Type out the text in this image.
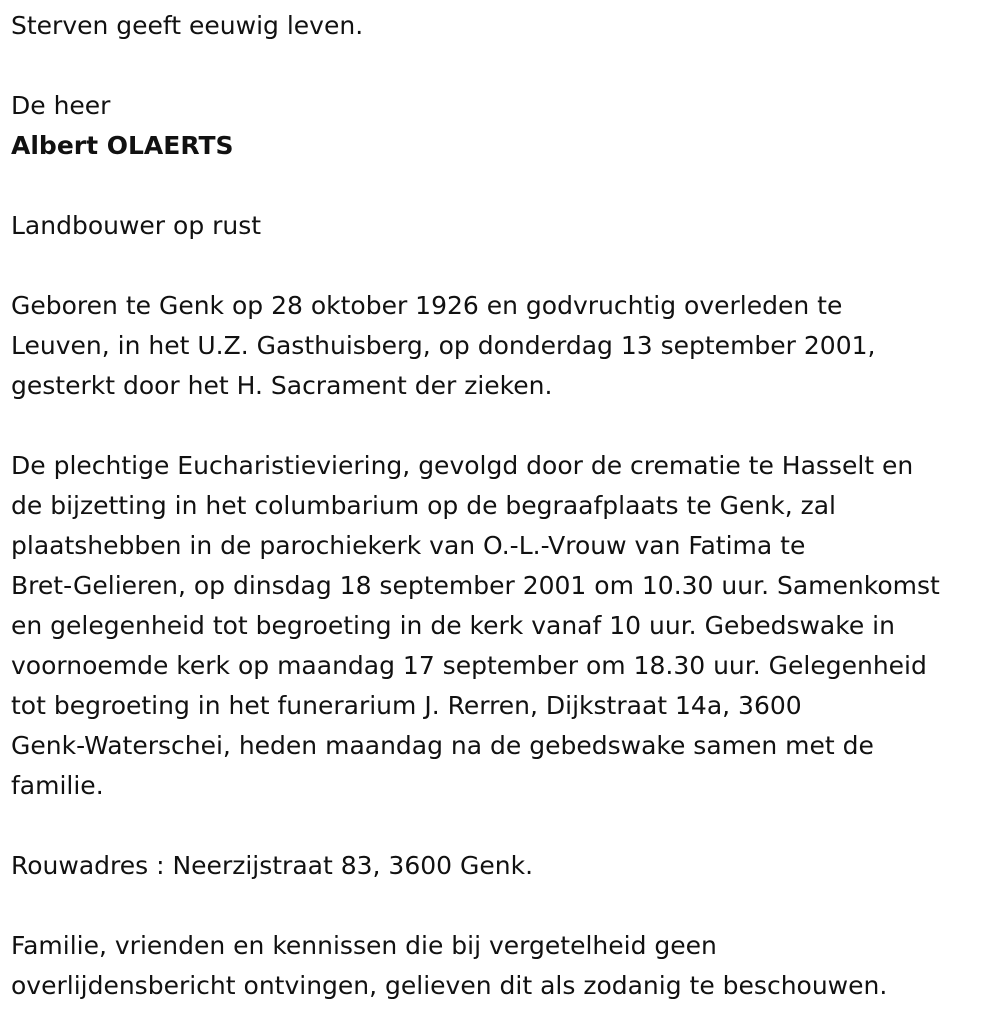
Sterven geeft eeuwig leven.
De heer
Albert OLAERTS
Landbouwer op rust
Geboren te Genk op 28 oktober 1926 en godvruchtig overleden te
Leuven, in het U.Z. Gasthuisberg, op donderdag 13 september 2001,
gesterkt door het H. Sacrament der zieken.
De plechtige Eucharistieviering, gevolgd door de crematie te Hasselt en
de bijzetting in het columbarium op de begraafplaats te Genk, zal
plaatshebben in de parochiekerk van O.-L.-Vrouw van Fatima te
Bret-Gelieren, op dinsdag 18 september 2001 om 10.30 uur. Samenkomst
en gelegenheid tot begroeting in de kerk vanaf 10 uur. Gebedswake in
voornoemde kerk op maandag 17 september om 18.30 uur. Gelegenheid
tot begroeting in het funerarium J. Rerren, Dijkstraat 14a, 3600
Genk-Waterschei, heden maandag na de gebedswake samen met de
familie.
Rouwadres : Neerzijstraat 83, 3600 Genk.
Familie, vrienden en kennissen die bij vergetelheid geen
overlijdensbericht ontvingen, gelieven dit als zodanig te beschouwen.
